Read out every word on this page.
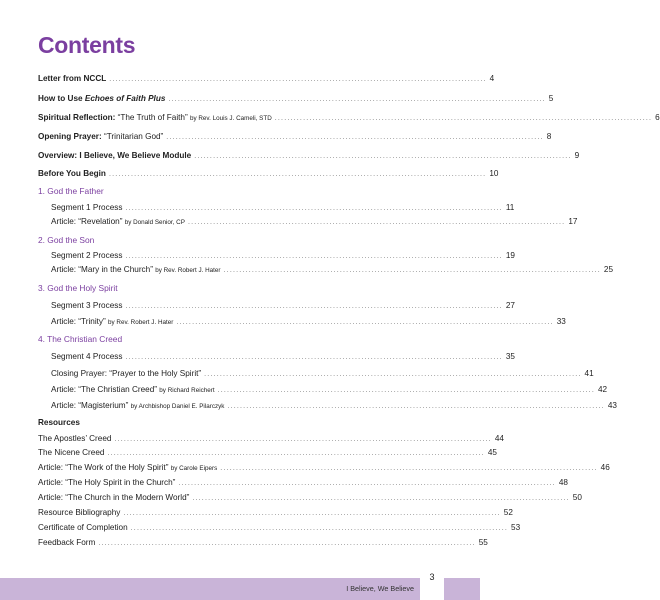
Contents
Letter from NCCL ........................................................................................................................ 4
How to Use Echoes of Faith Plus ........................................................................................................................ 5
Spiritual Reflection: “The Truth of Faith” by Rev. Louis J. Cameli, STD ........................................................................................................................ 6
Opening Prayer: “Trinitarian God” ........................................................................................................................ 8
Overview: I Believe, We Believe Module ........................................................................................................................ 9
Before You Begin ........................................................................................................................ 10
1. God the Father
Segment 1 Process ........................................................................................................................ 11
Article: “Revelation” by Donald Senior, CP ........................................................................................................................ 17
2. God the Son
Segment 2 Process ........................................................................................................................ 19
Article: “Mary in the Church” by Rev. Robert J. Hater ........................................................................................................................ 25
3. God the Holy Spirit
Segment 3 Process ........................................................................................................................ 27
Article: “Trinity” by Rev. Robert J. Hater ........................................................................................................................ 33
4. The Christian Creed
Segment 4 Process ........................................................................................................................ 35
Closing Prayer: “Prayer to the Holy Spirit” ........................................................................................................................ 41
Article: “The Christian Creed” by Richard Reichert ........................................................................................................................ 42
Article: “Magisterium” by Archbishop Daniel E. Pilarczyk ........................................................................................................................ 43
Resources
The Apostles’ Creed ........................................................................................................................ 44
The Nicene Creed ........................................................................................................................ 45
Article: “The Work of the Holy Spirit” by Carole Eipers ........................................................................................................................ 46
Article: “The Holy Spirit in the Church” ........................................................................................................................ 48
Article: “The Church in the Modern World” ........................................................................................................................ 50
Resource Bibliography ........................................................................................................................ 52
Certificate of Completion ........................................................................................................................ 53
Feedback Form ........................................................................................................................ 55
I Believe, We Believe
3
